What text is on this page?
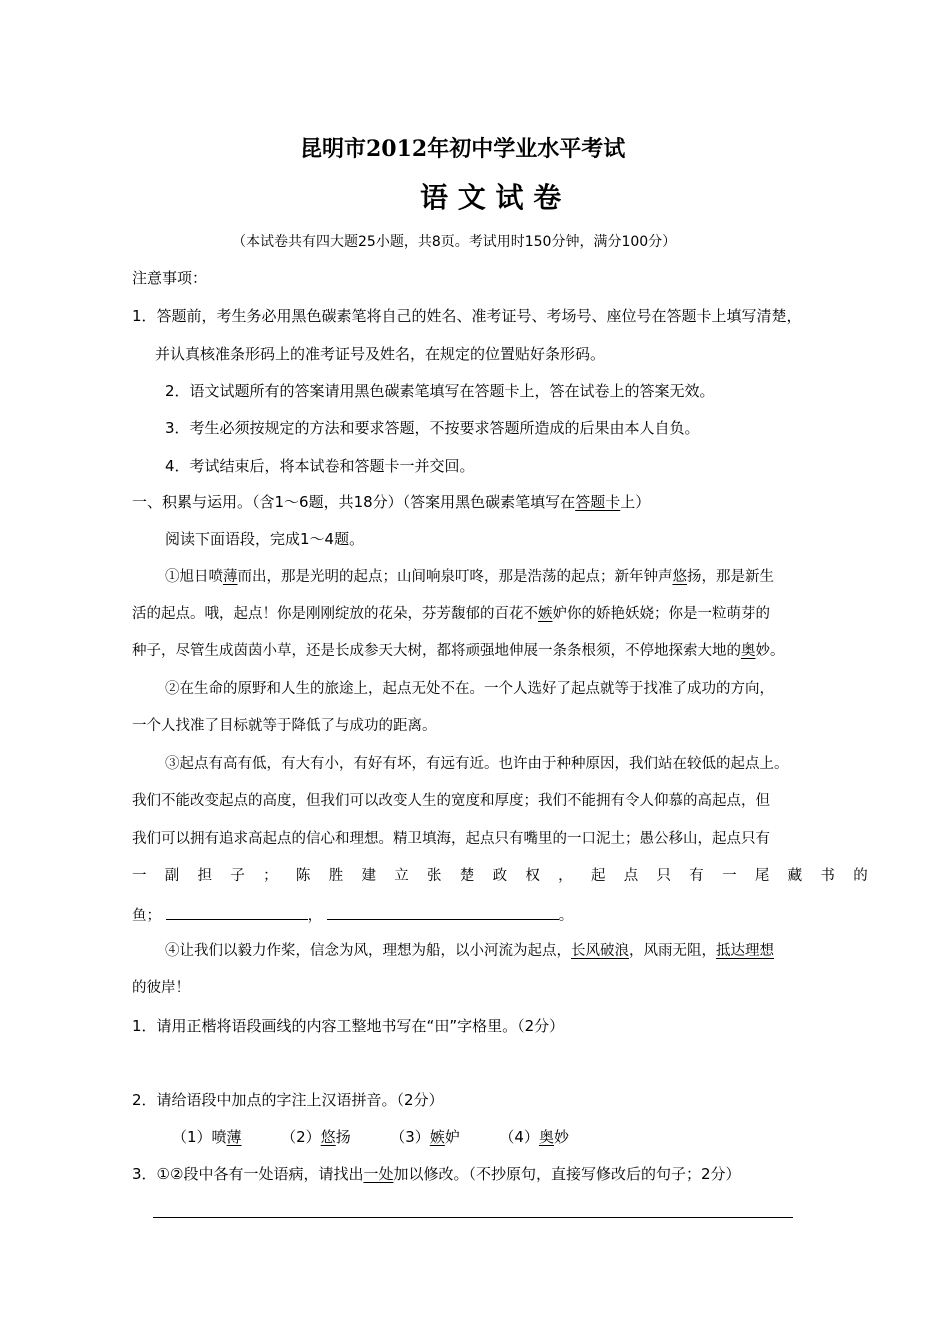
昆明市2012年初中学业水平考试
语 文 试 卷
（本试卷共有四大题25小题，共8页。考试用时150分钟，满分100分）
注意事项：
1．答题前，考生务必用黑色碳素笔将自己的姓名、准考证号、考场号、座位号在答题卡上填写清楚，
并认真核准条形码上的准考证号及姓名，在规定的位置贴好条形码。
2．语文试题所有的答案请用黑色碳素笔填写在答题卡上，答在试卷上的答案无效。
3．考生必须按规定的方法和要求答题，不按要求答题所造成的后果由本人自负。
4．考试结束后，将本试卷和答题卡一并交回。
一、积累与运用。（含1～6题，共18分）（答案用黑色碳素笔填写在答题卡上）
阅读下面语段，完成1～4题。
①旭日喷薄而出，那是光明的起点；山间响泉叮咚，那是浩荡的起点；新年钟声悠扬，那是新生
活的起点。哦，起点！你是刚刚绽放的花朵，芬芳馥郁的百花不嫉妒你的娇艳妖娆；你是一粒萌芽的
种子，尽管生成茵茵小草，还是长成参天大树，都将顽强地伸展一条条根须，不停地探索大地的奥妙。
②在生命的原野和人生的旅途上，起点无处不在。一个人选好了起点就等于找准了成功的方向，
一个人找准了目标就等于降低了与成功的距离。
③起点有高有低，有大有小，有好有坏，有远有近。也许由于种种原因，我们站在较低的起点上。
我们不能改变起点的高度，但我们可以改变人生的宽度和厚度；我们不能拥有令人仰慕的高起点，但
我们可以拥有追求高起点的信心和理想。精卫填海，起点只有嘴里的一口泥土；愚公移山，起点只有
一 副 担 子 ； 陈 胜 建 立 张 楚 政 权 ， 起 点 只 有 一 尾 藏 书 的
鱼；	，	。
④让我们以毅力作桨，信念为风，理想为船，以小河流为起点，长风破浪，风雨无阻，抵达理想
的彼岸！
1．请用正楷将语段画线的内容工整地书写在“田”字格里。（2分）
2．请给语段中加点的字注上汉语拼音。（2分）
（1）喷薄	（2）悠扬	（3）嫉妒	（4）奥妙
3．①②段中各有一处语病，请找出一处加以修改。（不抄原句，直接写修改后的句子；2分）
